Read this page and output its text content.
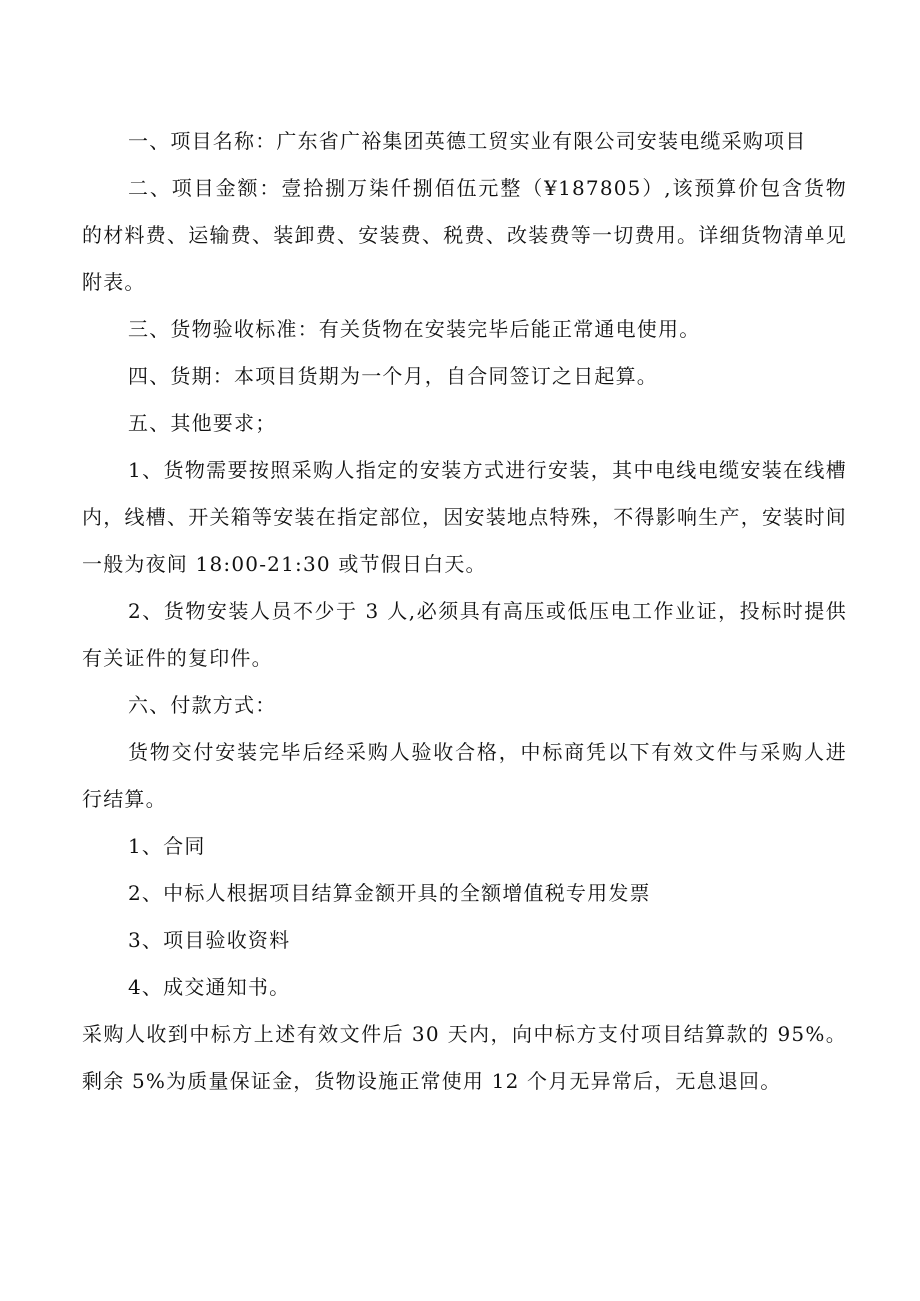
一、项目名称：广东省广裕集团英德工贸实业有限公司安装电缆采购项目

二、项目金额：壹拾捌万柒仟捌佰伍元整（¥187805）,该预算价包含货物的材料费、运输费、装卸费、安装费、税费、改装费等一切费用。详细货物清单见附表。

三、货物验收标准：有关货物在安装完毕后能正常通电使用。

四、货期：本项目货期为一个月，自合同签订之日起算。

五、其他要求；

1、货物需要按照采购人指定的安装方式进行安装，其中电线电缆安装在线槽内，线槽、开关箱等安装在指定部位，因安装地点特殊，不得影响生产，安装时间一般为夜间 18:00-21:30 或节假日白天。

2、货物安装人员不少于 3 人,必须具有高压或低压电工作业证，投标时提供有关证件的复印件。

六、付款方式：

货物交付安装完毕后经采购人验收合格，中标商凭以下有效文件与采购人进行结算。

1、合同

2、中标人根据项目结算金额开具的全额增值税专用发票

3、项目验收资料

4、成交通知书。

采购人收到中标方上述有效文件后 30 天内，向中标方支付项目结算款的 95%。剩余 5%为质量保证金，货物设施正常使用 12 个月无异常后，无息退回。
